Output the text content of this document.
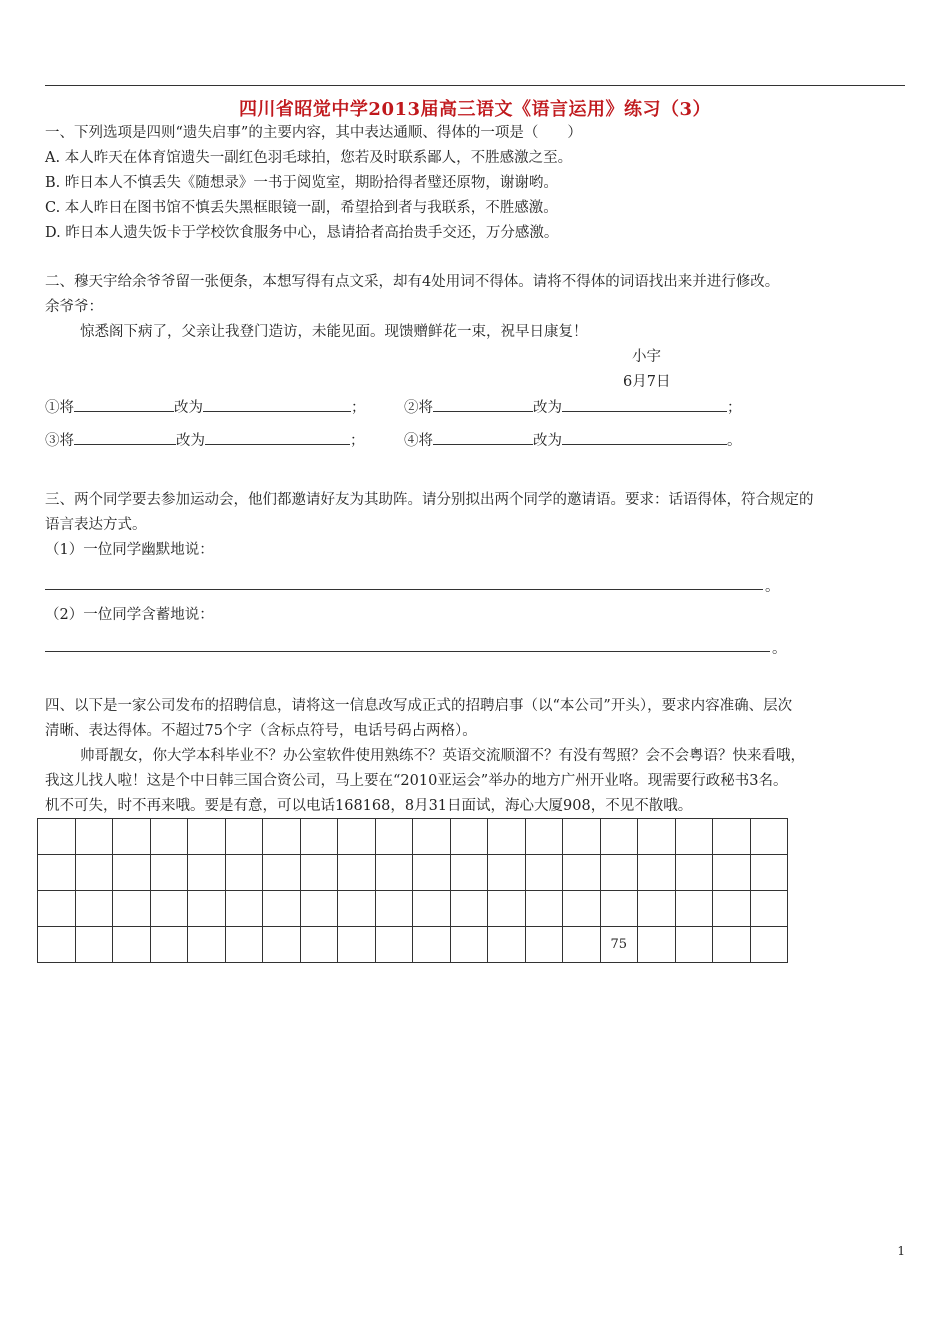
四川省昭觉中学2013届高三语文《语言运用》练习（3）
一、下列选项是四则“遗失启事”的主要内容，其中表达通顺、得体的一项是（　　）
A. 本人昨天在体育馆遗失一副红色羽毛球拍，您若及时联系鄙人，不胜感激之至。
B. 昨日本人不慎丢失《随想录》一书于阅览室，期盼拾得者璧还原物，谢谢哟。
C. 本人昨日在图书馆不慎丢失黑框眼镜一副，希望拾到者与我联系，不胜感激。
D. 昨日本人遗失饭卡于学校饮食服务中心，恳请拾者高抬贵手交还，万分感激。
二、穆天宇给余爷爷留一张便条，本想写得有点文采，却有4处用词不得体。请将不得体的词语找出来并进行修改。
余爷爷：
惊悉阁下病了，父亲让我登门造访，未能见面。现馈赠鲜花一束，祝早日康复！
小宇
6月7日
①将	改为	；	②将	改为	；
③将	改为	；	④将	改为	。
三、两个同学要去参加运动会，他们都邀请好友为其助阵。请分别拟出两个同学的邀请语。要求：话语得体，符合规定的
语言表达方式。
（1）一位同学幽默地说：
。
（2）一位同学含蓄地说：
。
四、以下是一家公司发布的招聘信息，请将这一信息改写成正式的招聘启事（以“本公司”开头），要求内容准确、层次
清晰、表达得体。不超过75个字（含标点符号，电话号码占两格）。
帅哥靓女，你大学本科毕业不？办公室软件使用熟练不？英语交流顺溜不？有没有驾照？会不会粤语？快来看哦，
我这儿找人啦！这是个中日韩三国合资公司，马上要在“2010亚运会”举办的地方广州开业咯。现需要行政秘书3名。
机不可失，时不再来哦。要是有意，可以电话168168，8月31日面试，海心大厦908，不见不散哦。

															75				
1
